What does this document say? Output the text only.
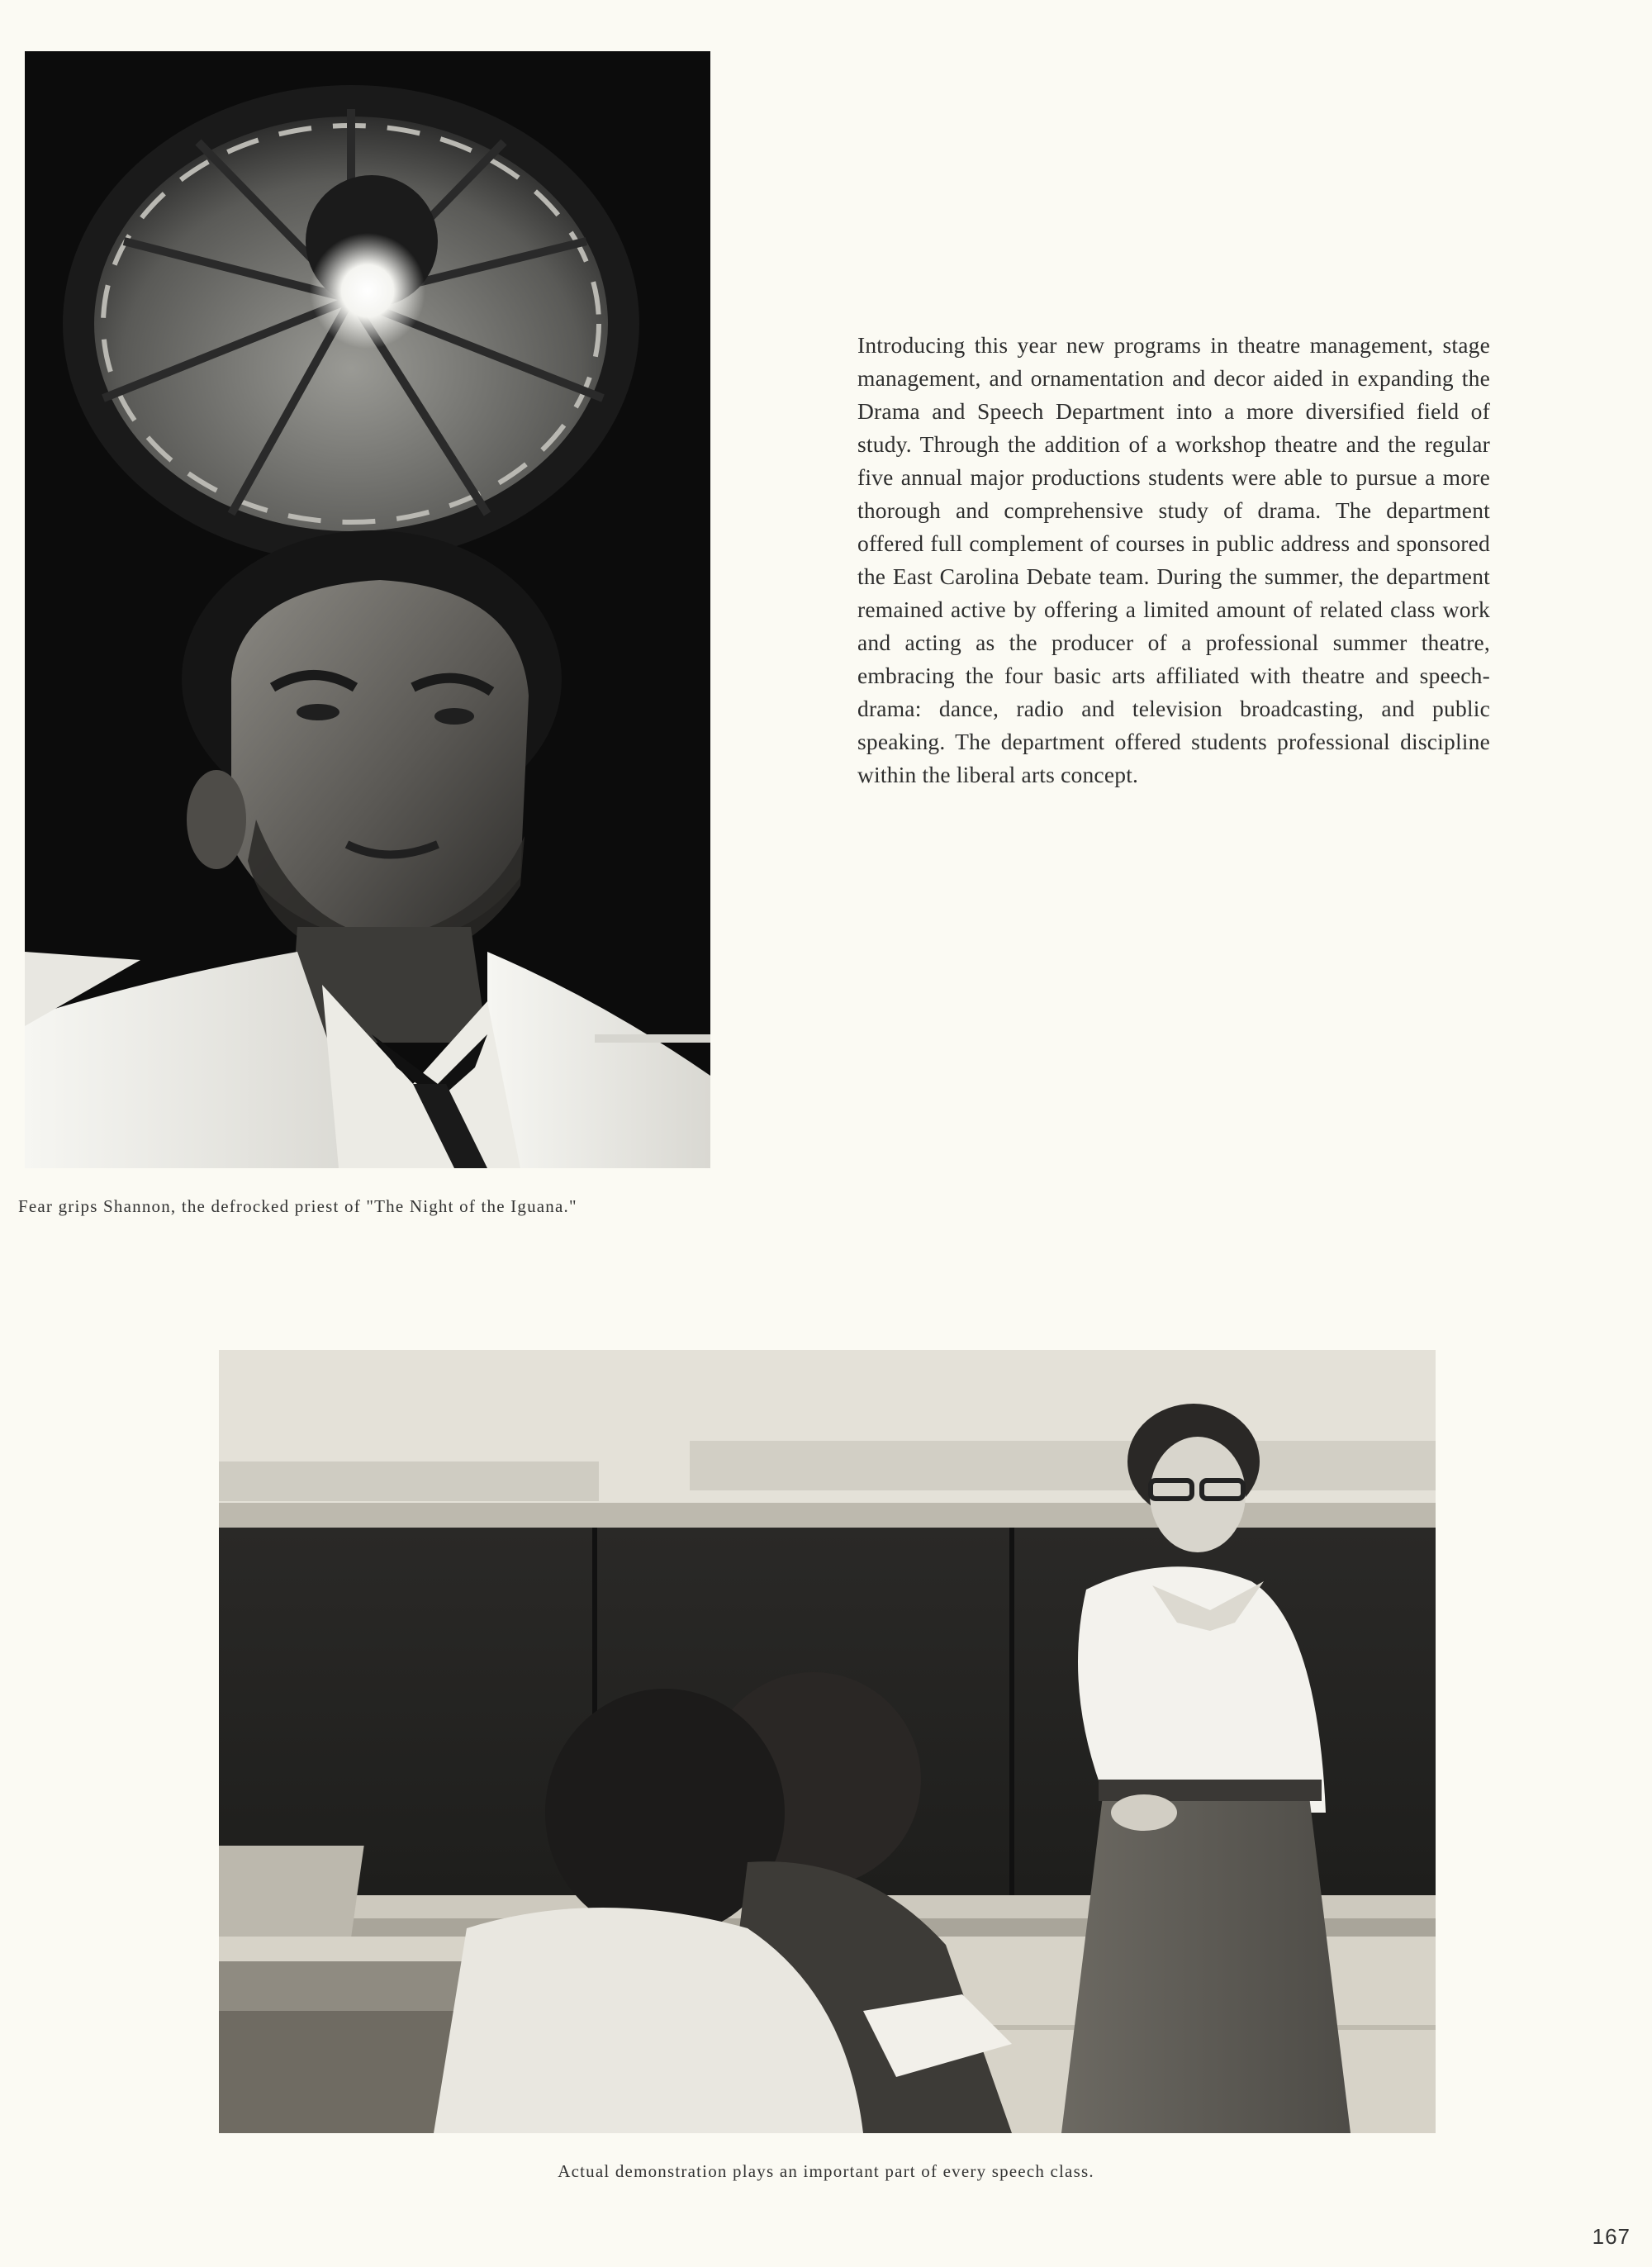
Fear grips Shannon, the defrocked priest of "The Night of the Iguana."

Introducing this year new programs in theatre management, stage management, and ornamentation and decor aided in expanding the Drama and Speech Department into a more diversified field of study. Through the addition of a workshop theatre and the regular five annual major productions students were able to pursue a more thorough and comprehensive study of drama. The department offered full complement of courses in public address and sponsored the East Carolina Debate team. During the summer, the department remained active by offering a limited amount of related class work and acting as the producer of a professional summer theatre, embracing the four basic arts affiliated with theatre and speech-drama: dance, radio and television broadcasting, and public speaking. The department offered students professional discipline within the liberal arts concept.

Actual demonstration plays an important part of every speech class.

167
